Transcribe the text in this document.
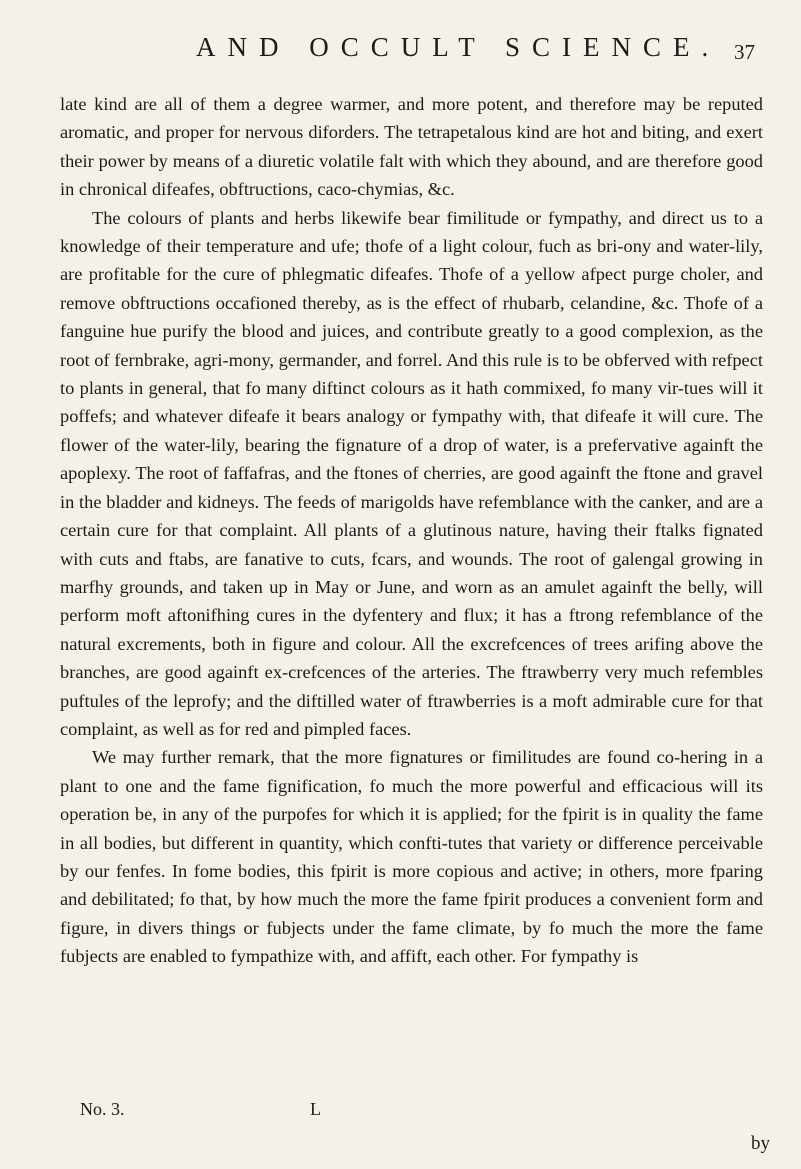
AND OCCULT SCIENCE. 37

late kind are all of them a degree warmer, and more potent, and therefore may be reputed aromatic, and proper for nervous diforders. The tetrapetalous kind are hot and biting, and exert their power by means of a diuretic volatile falt with which they abound, and are therefore good in chronical difeafes, obftructions, caco-chymias, &c.

The colours of plants and herbs likewife bear fimilitude or fympathy, and direct us to a knowledge of their temperature and ufe; thofe of a light colour, fuch as bri-ony and water-lily, are profitable for the cure of phlegmatic difeafes. Thofe of a yellow afpect purge choler, and remove obftructions occafioned thereby, as is the effect of rhubarb, celandine, &c. Thofe of a fanguine hue purify the blood and juices, and contribute greatly to a good complexion, as the root of fernbrake, agri-mony, germander, and forrel. And this rule is to be obferved with refpect to plants in general, that fo many diftinct colours as it hath commixed, fo many vir-tues will it poffefs; and whatever difeafe it bears analogy or fympathy with, that difeafe it will cure. The flower of the water-lily, bearing the fignature of a drop of water, is a prefervative againft the apoplexy. The root of faffafras, and the ftones of cherries, are good againft the ftone and gravel in the bladder and kidneys. The feeds of marigolds have refemblance with the canker, and are a certain cure for that complaint. All plants of a glutinous nature, having their ftalks fignated with cuts and ftabs, are fanative to cuts, fcars, and wounds. The root of galengal growing in marfhy grounds, and taken up in May or June, and worn as an amulet againft the belly, will perform moft aftonifhing cures in the dyfentery and flux; it has a ftrong refemblance of the natural excrements, both in figure and colour. All the excrefcences of trees arifing above the branches, are good againft ex-crefcences of the arteries. The ftrawberry very much refembles puftules of the leprofy; and the diftilled water of ftrawberries is a moft admirable cure for that complaint, as well as for red and pimpled faces.

We may further remark, that the more fignatures or fimilitudes are found co-hering in a plant to one and the fame fignification, fo much the more powerful and efficacious will its operation be, in any of the purpofes for which it is applied; for the fpirit is in quality the fame in all bodies, but different in quantity, which confti-tutes that variety or difference perceivable by our fenfes. In fome bodies, this fpirit is more copious and active; in others, more fparing and debilitated; fo that, by how much the more the fame fpirit produces a convenient form and figure, in divers things or fubjects under the fame climate, by fo much the more the fame fubjects are enabled to fympathize with, and affift, each other. For fympathy is

No. 3.	L
by
